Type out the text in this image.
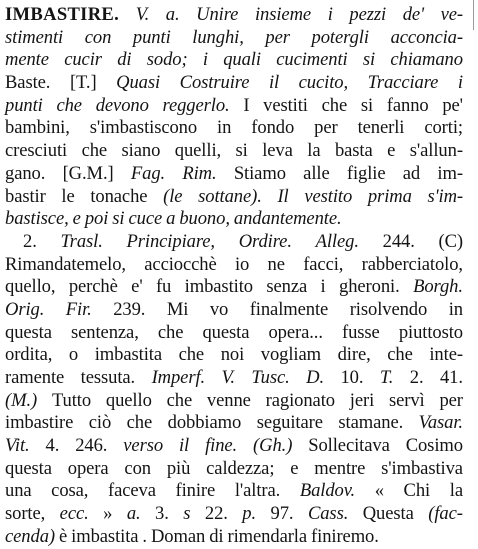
IMBASTIRE. V. a. Unire insieme i pezzi de' ve-
stimenti con punti lunghi, per potergli acconcia-
mente cucir di sodo; i quali cucimenti si chiamano
Baste. [T.] Quasi Costruire il cucito, Tracciare i
punti che devono reggerlo. I vestiti che si fanno pe'
bambini, s'imbastiscono in fondo per tenerli corti;
cresciuti che siano quelli, si leva la basta e s'allun-
gano. [G.M.] Fag. Rim. Stiamo alle figlie ad im-
bastir le tonache (le sottane). Il vestito prima s'im-
bastisce, e poi si cuce a buono, andantemente.
2. Trasl. Principiare, Ordire. Alleg. 244. (C)
Rimandatemelo, acciocchè io ne facci, rabberciatolo,
quello, perchè e' fu imbastito senza i gheroni. Borgh.
Orig. Fir. 239. Mi vo finalmente risolvendo in
questa sentenza, che questa opera... fusse piuttosto
ordita, o imbastita che noi vogliam dire, che inte-
ramente tessuta. Imperf. V. Tusc. D. 10. T. 2. 41.
(M.) Tutto quello che venne ragionato jeri servì per
imbastire ciò che dobbiamo seguitare stamane. Vasar.
Vit. 4. 246. verso il fine. (Gh.) Sollecitava Cosimo
questa opera con più caldezza; e mentre s'imbastiva
una cosa, faceva finire l'altra. Baldov. « Chi la
sorte, ecc. » a. 3. s 22. p. 97. Cass. Questa (fac-
cenda) è imbastita . Doman di rimendarla finiremo.
